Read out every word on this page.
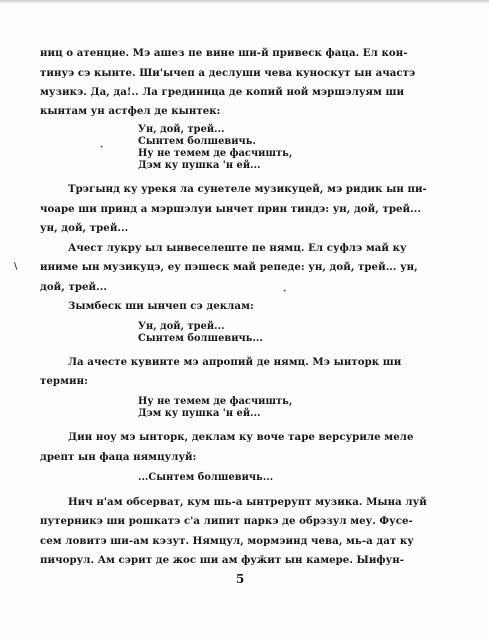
ниц о атенцие. Мэ ашез пе вине ши-й привеск фаца. Ел кон-
тинуэ сэ кынте. Ши'ычеп а деслуши чева куноскут ын ачастэ
музикэ. Да, да!.. Ла грединица де копий ной мэршэлуям ши
кынтам ун астфел де кынтек:
Ун, дой, трей...
Сынтем болшевичь.
Ну не темем де фасчишть,
Дэм ку пушка 'н ей...
Трэгынд ку урекя ла сунетеле музикуцей, мэ ридик ын пи-
чоаре ши принд а мэршэлуи ынчет прин тиндэ: ун, дой, трей...
ун, дой, трей...
Ачест лукру ыл ынвеселеште пе нямц. Ел суфлэ май ку
иниме ын музикуцэ, еу пэшеск май репеде: ун, дой, трей... ун,
дой, трей...
Зымбеск ши ынчеп сэ деклам:
Ун, дой, трей...
Сынтем болшевичь...
Ла ачесте кувинте мэ апропий де нямц. Мэ ынторк ши
термин:
Ну не темем де фасчишть,
Дэм ку пушка 'н ей...
Дин ноу мэ ынторк, деклам ку воче таре версуриле меле
дрепт ын фаца нямцулуй:
...Сынтем болшевичь...
Нич н'ам обсерват, кум шь-а ынтрерупт музика. Мына луй
путерникэ ши рошкатэ с'а липит паркэ де обрэзул меу. Фусе-
сем ловитэ ши-ам кэзут. Нямцул, мормэинд чева, мь-а дат ку
пичорул. Ам сэрит де жос ши ам фуӂит ын камере. Ыифун-
5
·
\
·
